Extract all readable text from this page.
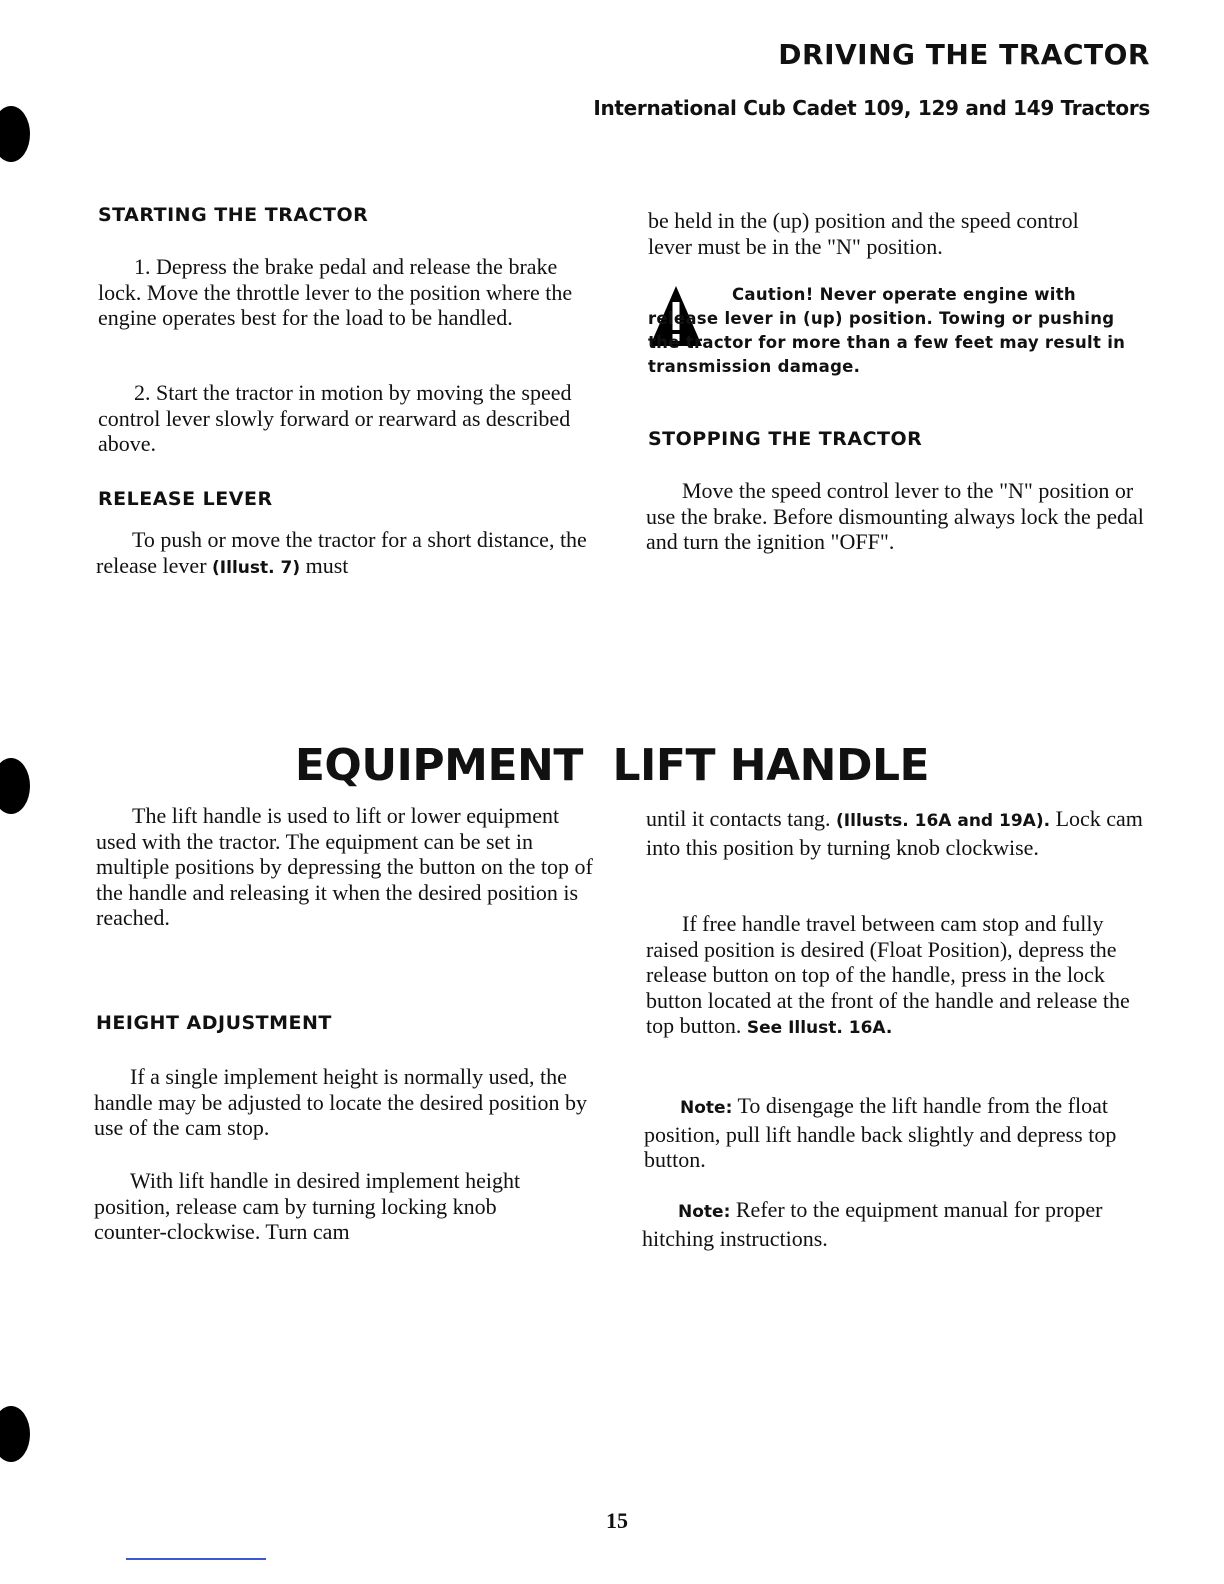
DRIVING THE TRACTOR
International Cub Cadet 109, 129 and 149 Tractors
STARTING THE TRACTOR

1. Depress the brake pedal and release the brake lock. Move the throttle lever to the position where the engine operates best for the load to be handled.

2. Start the tractor in motion by moving the speed control lever slowly forward or rearward as described above.

RELEASE LEVER

To push or move the tractor for a short distance, the release lever (Illust. 7) must

be held in the (up) position and the speed control lever must be in the "N" position.

Caution! Never operate engine with release lever in (up) position. Towing or pushing the tractor for more than a few feet may result in transmission damage.
STOPPING THE TRACTOR

Move the speed control lever to the "N" position or use the brake. Before dismounting always lock the pedal and turn the ignition "OFF".

EQUIPMENT LIFT HANDLE

The lift handle is used to lift or lower equipment used with the tractor. The equipment can be set in multiple positions by depressing the button on the top of the handle and releasing it when the desired position is reached.

HEIGHT ADJUSTMENT

If a single implement height is normally used, the handle may be adjusted to locate the desired position by use of the cam stop.

With lift handle in desired implement height position, release cam by turning locking knob counter-clockwise. Turn cam

until it contacts tang. (Illusts. 16A and 19A). Lock cam into this position by turning knob clockwise.

If free handle travel between cam stop and fully raised position is desired (Float Position), depress the release button on top of the handle, press in the lock button located at the front of the handle and release the top button. See Illust. 16A.

Note: To disengage the lift handle from the float position, pull lift handle back slightly and depress top button.

Note: Refer to the equipment manual for proper hitching instructions.

15
